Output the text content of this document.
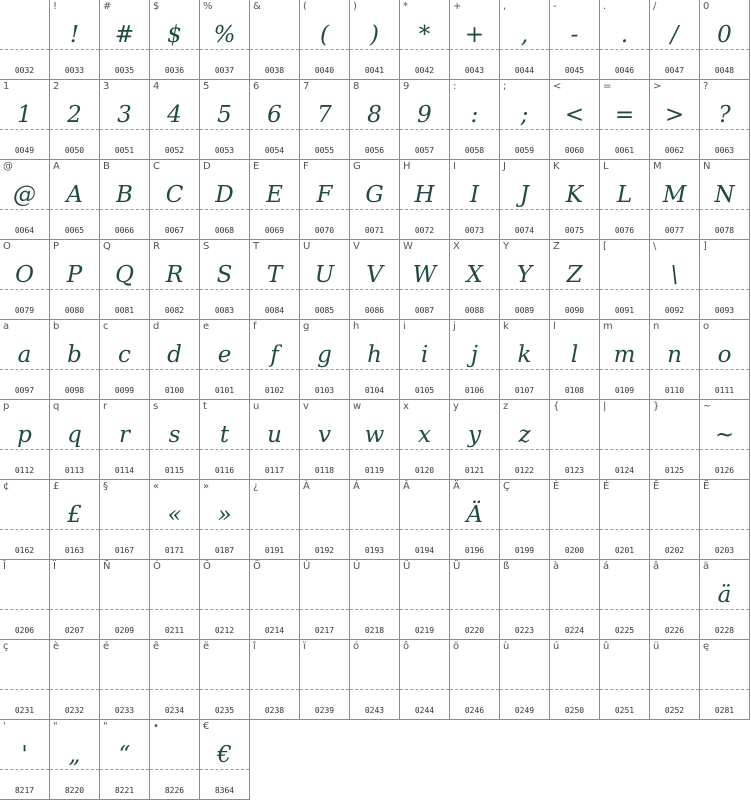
0032
!
!
0033
#
#
0035
$
$
0036
%
%
0037
&
0038
(
(
0040
)
)
0041
*
*
0042
+
+
0043
,
,
0044
-
-
0045
.
.
0046
/
/
0047
0
0
0048
1
1
0049
2
2
0050
3
3
0051
4
4
0052
5
5
0053
6
6
0054
7
7
0055
8
8
0056
9
9
0057
:
:
0058
;
;
0059
<
<
0060
=
=
0061
>
>
0062
?
?
0063
@
@
0064
A
A
0065
B
B
0066
C
C
0067
D
D
0068
E
E
0069
F
F
0070
G
G
0071
H
H
0072
I
I
0073
J
J
0074
K
K
0075
L
L
0076
M
M
0077
N
N
0078
O
O
0079
P
P
0080
Q
Q
0081
R
R
0082
S
S
0083
T
T
0084
U
U
0085
V
V
0086
W
W
0087
X
X
0088
Y
Y
0089
Z
Z
0090
[
0091
\
\
0092
]
0093
a
a
0097
b
b
0098
c
c
0099
d
d
0100
e
e
0101
f
f
0102
g
g
0103
h
h
0104
i
i
0105
j
j
0106
k
k
0107
l
l
0108
m
m
0109
n
n
0110
o
o
0111
p
p
0112
q
q
0113
r
r
0114
s
s
0115
t
t
0116
u
u
0117
v
v
0118
w
w
0119
x
x
0120
y
y
0121
z
z
0122
{
0123
|
0124
}
0125
~
~
0126
¢
0162
£
£
0163
§
0167
«
«
0171
»
»
0187
¿
0191
À
0192
Á
0193
Â
0194
Ä
Ä
0196
Ç
0199
È
0200
É
0201
Ê
0202
Ë
0203
Î
0206
Ï
0207
Ñ
0209
Ó
0211
Ô
0212
Ö
0214
Ù
0217
Ú
0218
Û
0219
Ü
0220
ß
0223
à
0224
á
0225
â
0226
ä
ä
0228
ç
0231
è
0232
é
0233
ê
0234
ë
0235
î
0238
ï
0239
ó
0243
ô
0244
ö
0246
ù
0249
ú
0250
û
0251
ü
0252
ę
0281
'
'
8217
"
„
8220
"
“
8221
•
8226
€
€
8364
